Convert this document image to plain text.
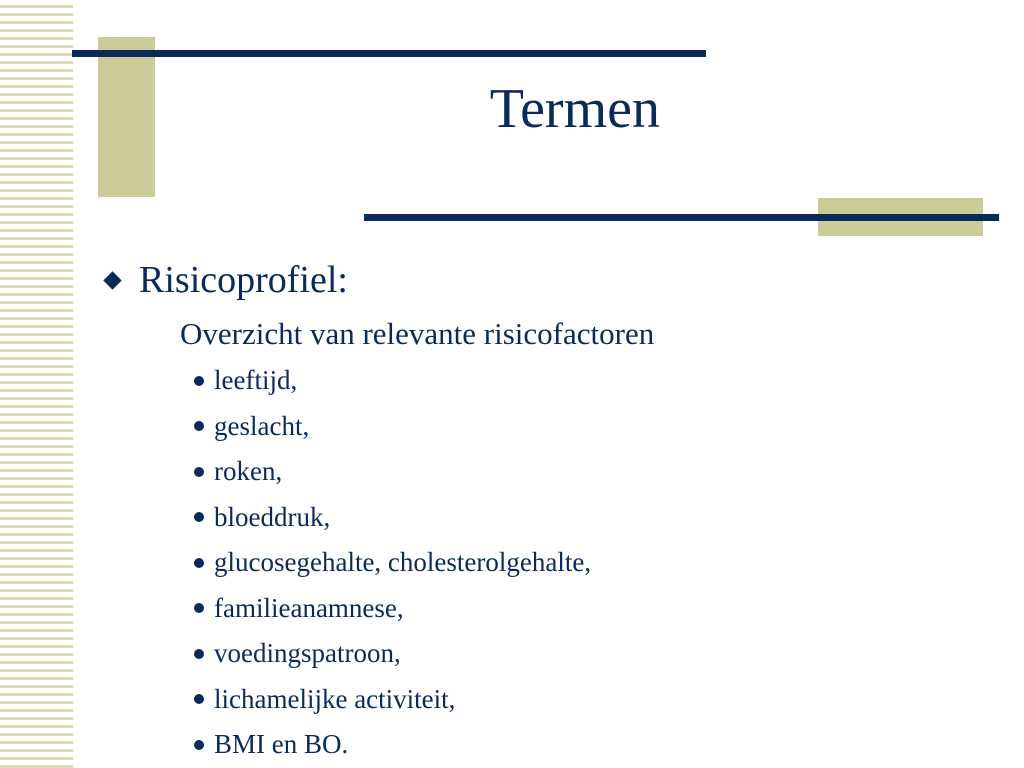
Termen
Risicoprofiel:
Overzicht van relevante risicofactoren
leeftijd,
geslacht,
roken,
bloeddruk,
glucosegehalte, cholesterolgehalte,
familieanamnese,
voedingspatroon,
lichamelijke activiteit,
BMI en BO.
